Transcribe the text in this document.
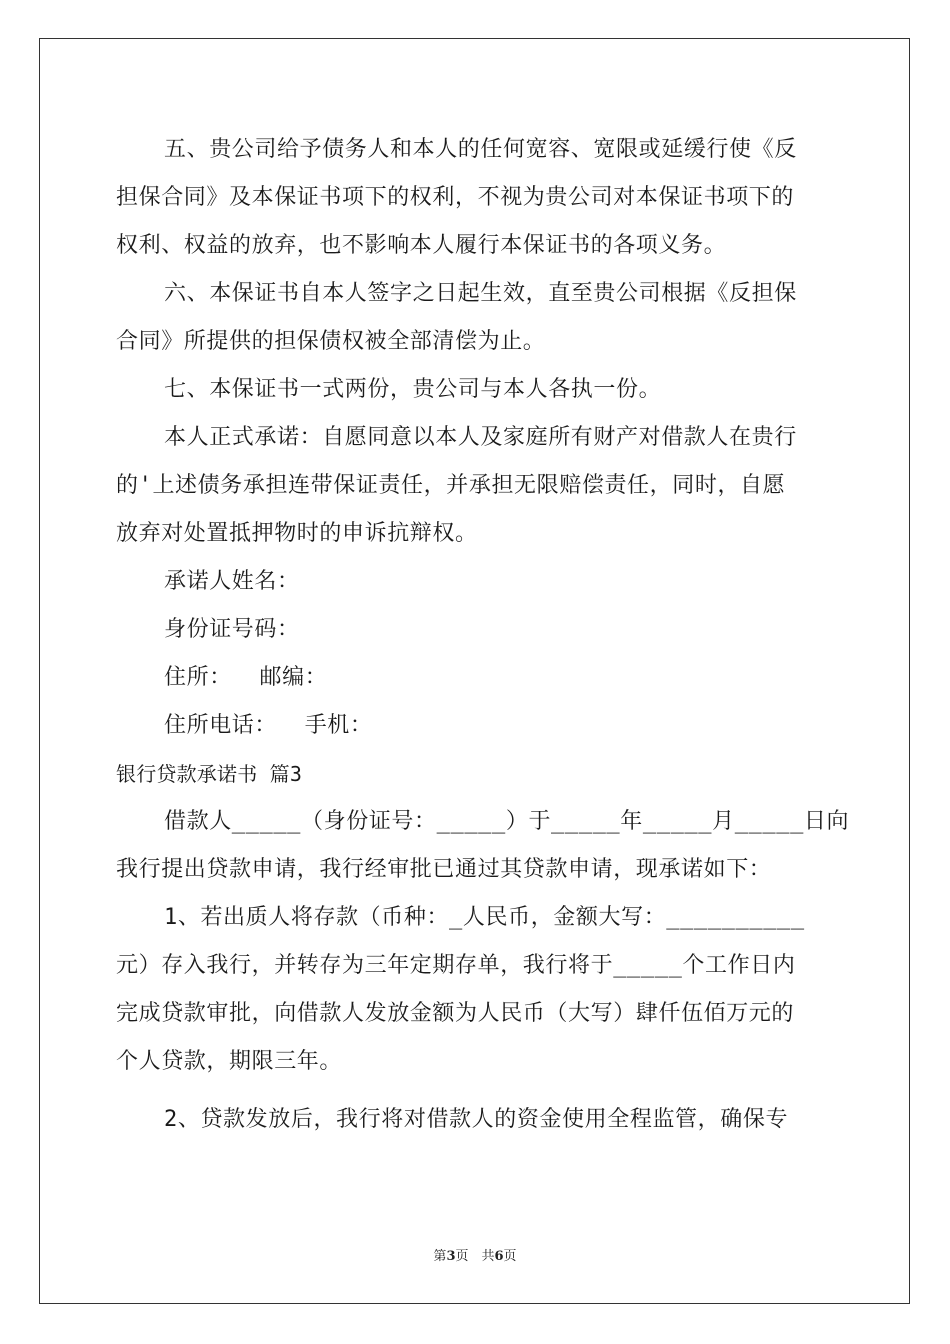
五、贵公司给予债务人和本人的任何宽容、宽限或延缓行使《反
担保合同》及本保证书项下的权利，不视为贵公司对本保证书项下的
权利、权益的放弃，也不影响本人履行本保证书的各项义务。
六、本保证书自本人签字之日起生效，直至贵公司根据《反担保
合同》所提供的担保债权被全部清偿为止。
七、本保证书一式两份，贵公司与本人各执一份。
本人正式承诺：自愿同意以本人及家庭所有财产对借款人在贵行
的'上述债务承担连带保证责任，并承担无限赔偿责任，同时，自愿
放弃对处置抵押物时的申诉抗辩权。
承诺人姓名：
身份证号码：
住所：  邮编：
住所电话：  手机：
银行贷款承诺书 篇3
借款人_____（身份证号：_____）于_____年_____月_____日向
我行提出贷款申请，我行经审批已通过其贷款申请，现承诺如下：
1、若出质人将存款（币种：_人民币，金额大写：__________
元）存入我行，并转存为三年定期存单，我行将于_____个工作日内
完成贷款审批，向借款人发放金额为人民币（大写）肆仟伍佰万元的
个人贷款，期限三年。
2、贷款发放后，我行将对借款人的资金使用全程监管，确保专
第3页　共6页
